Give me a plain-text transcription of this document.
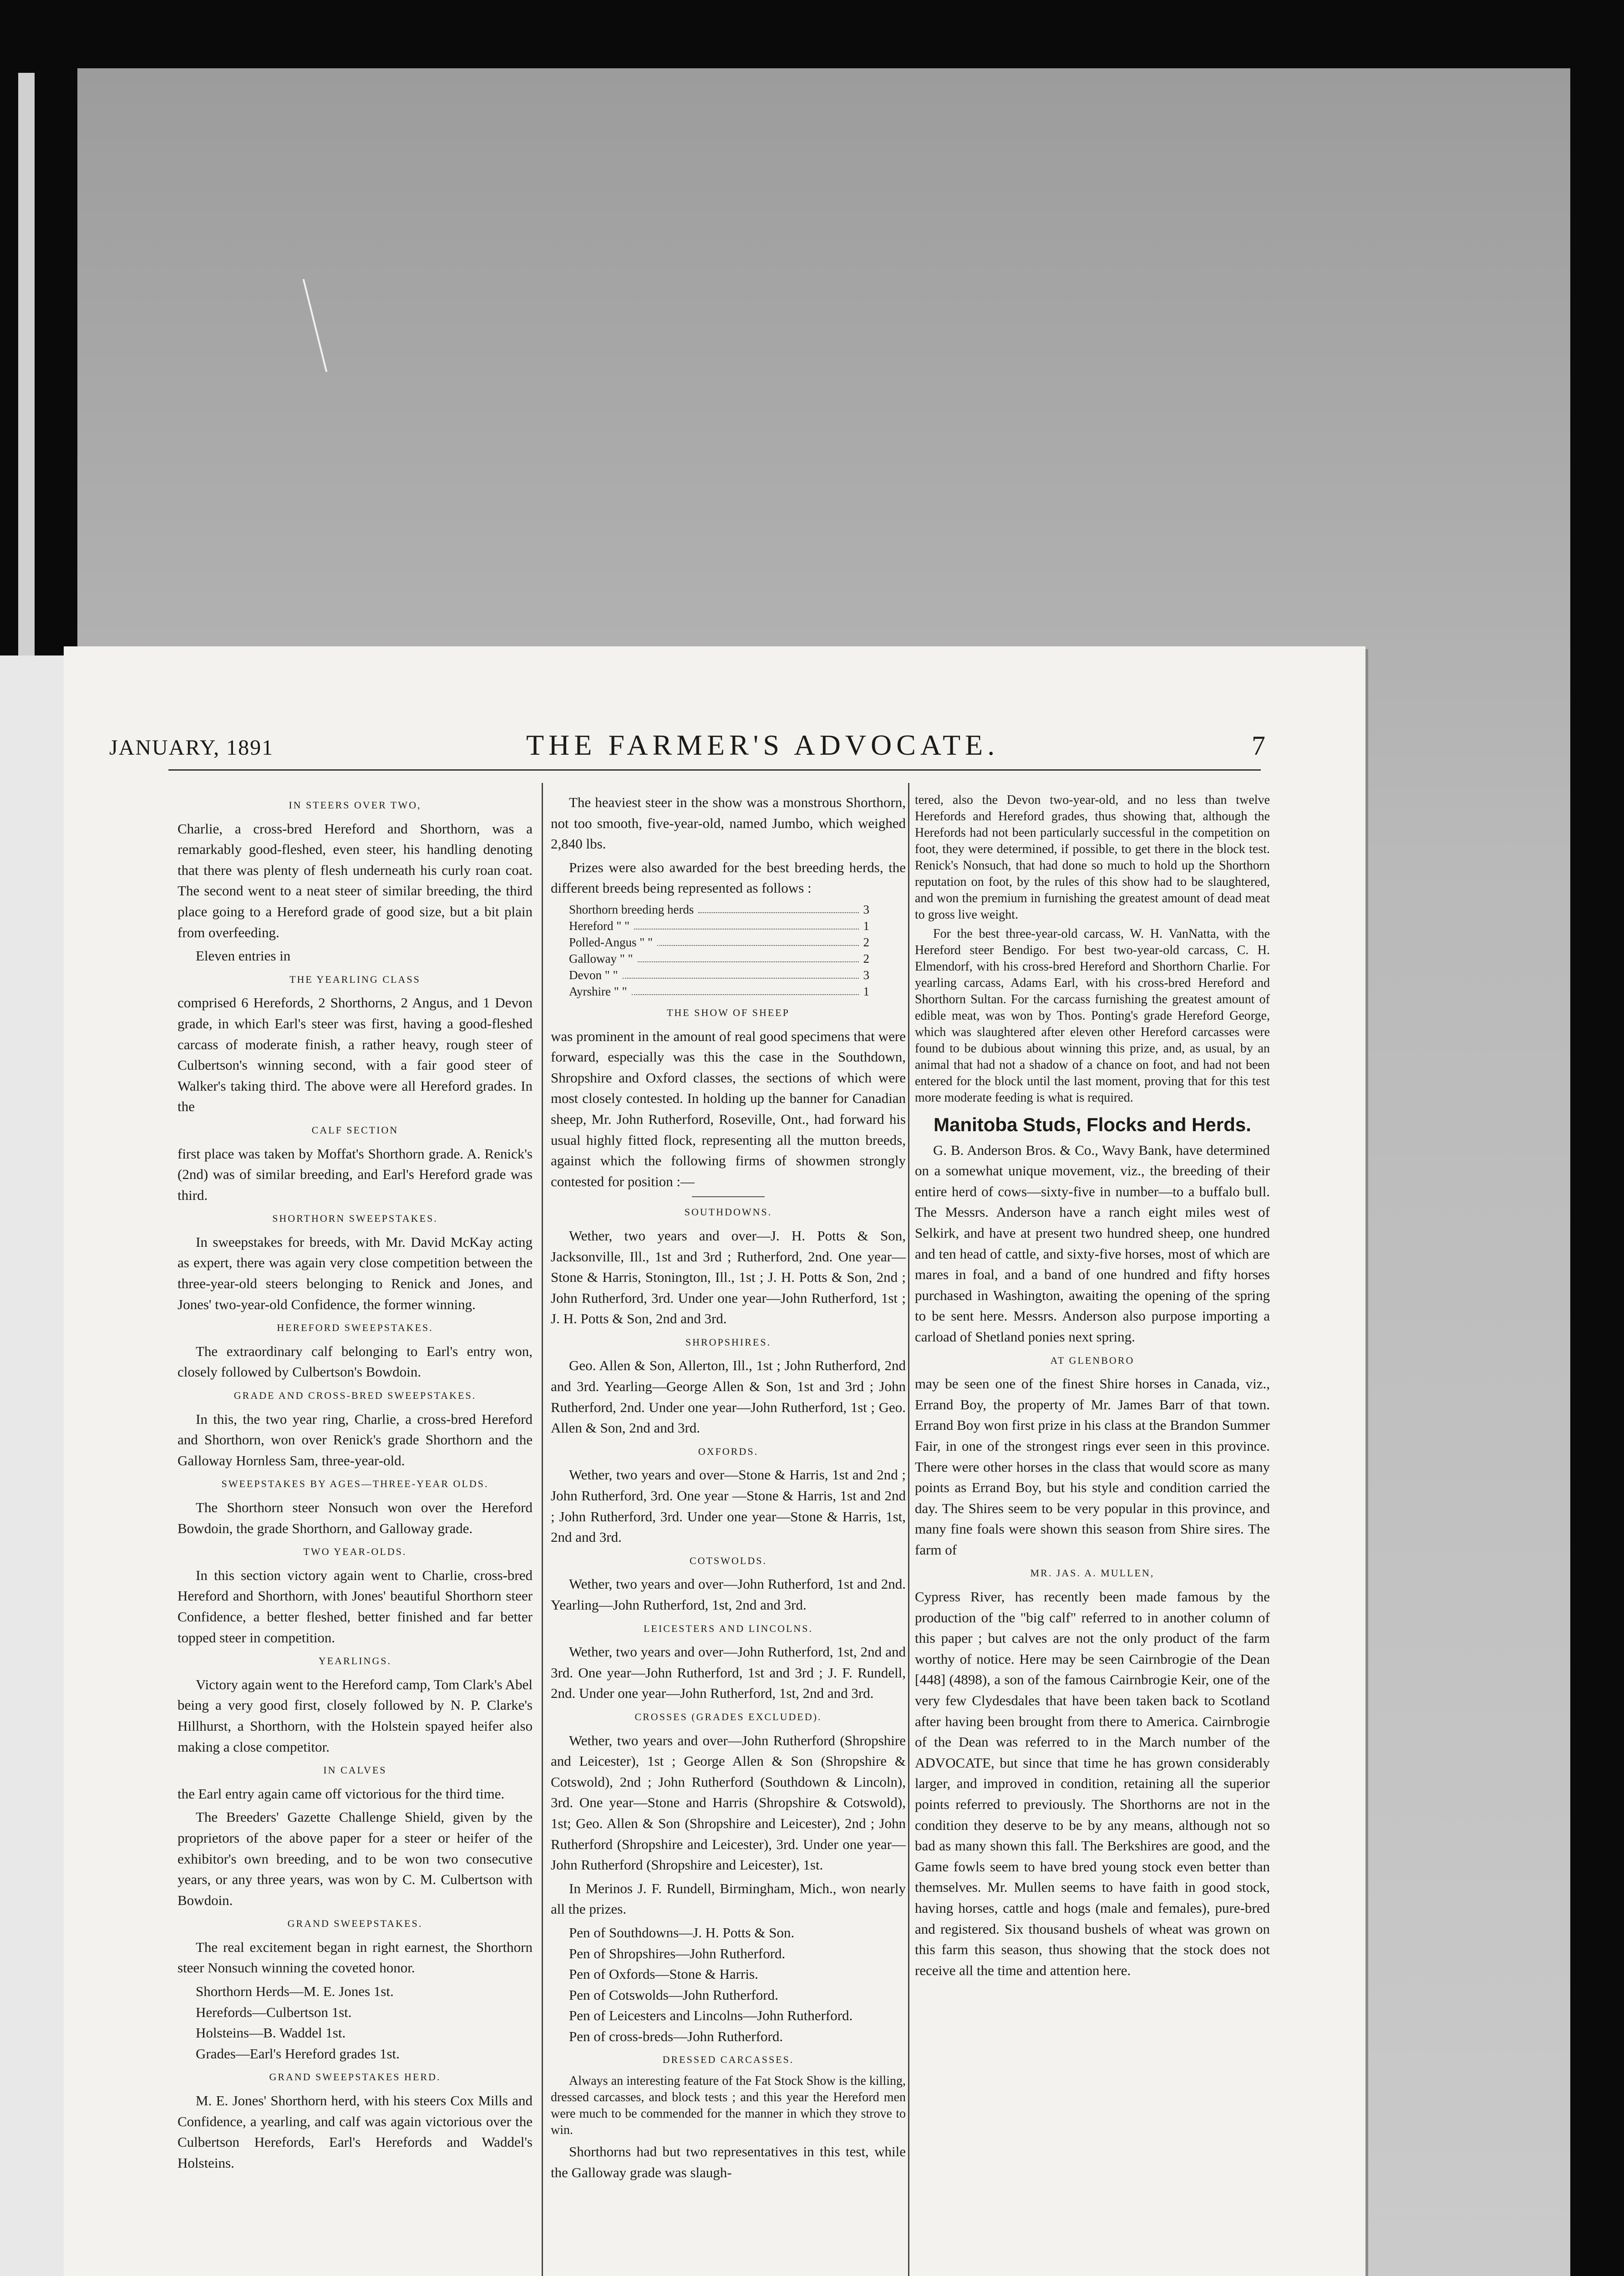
JANUARY, 1891	THE FARMER'S ADVOCATE.	7
IN STEERS OVER TWO,

Charlie, a cross-bred Hereford and Shorthorn, was a remarkably good-fleshed, even steer, his handling denoting that there was plenty of flesh underneath his curly roan coat. The second went to a neat steer of similar breeding, the third place going to a Hereford grade of good size, but a bit plain from overfeeding.

Eleven entries in

THE YEARLING CLASS

comprised 6 Herefords, 2 Shorthorns, 2 Angus, and 1 Devon grade, in which Earl's steer was first, having a good-fleshed carcass of moderate finish, a rather heavy, rough steer of Culbertson's winning second, with a fair good steer of Walker's taking third. The above were all Hereford grades. In the

CALF SECTION

first place was taken by Moffat's Shorthorn grade. A. Renick's (2nd) was of similar breeding, and Earl's Hereford grade was third.

SHORTHORN SWEEPSTAKES.

In sweepstakes for breeds, with Mr. David McKay acting as expert, there was again very close competition between the three-year-old steers belonging to Renick and Jones, and Jones' two-year-old Confidence, the former winning.

HEREFORD SWEEPSTAKES.

The extraordinary calf belonging to Earl's entry won, closely followed by Culbertson's Bowdoin.

GRADE AND CROSS-BRED SWEEPSTAKES.

In this, the two year ring, Charlie, a cross-bred Hereford and Shorthorn, won over Renick's grade Shorthorn and the Galloway Hornless Sam, three-year-old.

SWEEPSTAKES BY AGES—THREE-YEAR OLDS.

The Shorthorn steer Nonsuch won over the Hereford Bowdoin, the grade Shorthorn, and Galloway grade.

TWO YEAR-OLDS.

In this section victory again went to Charlie, cross-bred Hereford and Shorthorn, with Jones' beautiful Shorthorn steer Confidence, a better fleshed, better finished and far better topped steer in competition.

YEARLINGS.

Victory again went to the Hereford camp, Tom Clark's Abel being a very good first, closely followed by N. P. Clarke's Hillhurst, a Shorthorn, with the Holstein spayed heifer also making a close competitor.

IN CALVES

the Earl entry again came off victorious for the third time.

The Breeders' Gazette Challenge Shield, given by the proprietors of the above paper for a steer or heifer of the exhibitor's own breeding, and to be won two consecutive years, or any three years, was won by C. M. Culbertson with Bowdoin.

GRAND SWEEPSTAKES.

The real excitement began in right earnest, the Shorthorn steer Nonsuch winning the coveted honor.

Shorthorn Herds—M. E. Jones 1st.
Herefords—Culbertson 1st.
Holsteins—B. Waddel 1st.
Grades—Earl's Hereford grades 1st.
GRAND SWEEPSTAKES HERD.

M. E. Jones' Shorthorn herd, with his steers Cox Mills and Confidence, a yearling, and calf was again victorious over the Culbertson Herefords, Earl's Herefords and Waddel's Holsteins.

The heaviest steer in the show was a monstrous Shorthorn, not too smooth, five-year-old, named Jumbo, which weighed 2,840 lbs.

Prizes were also awarded for the best breeding herds, the different breeds being represented as follows :

Shorthorn breeding herds	3
Hereford " "	1
Polled-Angus " "	2
Galloway " "	2
Devon " "	3
Ayrshire " "	1
THE SHOW OF SHEEP

was prominent in the amount of real good specimens that were forward, especially was this the case in the Southdown, Shropshire and Oxford classes, the sections of which were most closely contested. In holding up the banner for Canadian sheep, Mr. John Rutherford, Roseville, Ont., had forward his usual highly fitted flock, representing all the mutton breeds, against which the following firms of showmen strongly contested for position :—

SOUTHDOWNS.

Wether, two years and over—J. H. Potts & Son, Jacksonville, Ill., 1st and 3rd ; Rutherford, 2nd. One year—Stone & Harris, Stonington, Ill., 1st ; J. H. Potts & Son, 2nd ; John Rutherford, 3rd. Under one year—John Rutherford, 1st ; J. H. Potts & Son, 2nd and 3rd.

SHROPSHIRES.

Geo. Allen & Son, Allerton, Ill., 1st ; John Rutherford, 2nd and 3rd. Yearling—George Allen & Son, 1st and 3rd ; John Rutherford, 2nd. Under one year—John Rutherford, 1st ; Geo. Allen & Son, 2nd and 3rd.

OXFORDS.

Wether, two years and over—Stone & Harris, 1st and 2nd ; John Rutherford, 3rd. One year —Stone & Harris, 1st and 2nd ; John Rutherford, 3rd. Under one year—Stone & Harris, 1st, 2nd and 3rd.

COTSWOLDS.

Wether, two years and over—John Rutherford, 1st and 2nd. Yearling—John Rutherford, 1st, 2nd and 3rd.

LEICESTERS AND LINCOLNS.

Wether, two years and over—John Rutherford, 1st, 2nd and 3rd. One year—John Rutherford, 1st and 3rd ; J. F. Rundell, 2nd. Under one year—John Rutherford, 1st, 2nd and 3rd.

CROSSES (GRADES EXCLUDED).

Wether, two years and over—John Rutherford (Shropshire and Leicester), 1st ; George Allen & Son (Shropshire & Cotswold), 2nd ; John Rutherford (Southdown & Lincoln), 3rd. One year—Stone and Harris (Shropshire & Cotswold), 1st; Geo. Allen & Son (Shropshire and Leicester), 2nd ; John Rutherford (Shropshire and Leicester), 3rd. Under one year—John Rutherford (Shropshire and Leicester), 1st.

In Merinos J. F. Rundell, Birmingham, Mich., won nearly all the prizes.

Pen of Southdowns—J. H. Potts & Son.
Pen of Shropshires—John Rutherford.
Pen of Oxfords—Stone & Harris.
Pen of Cotswolds—John Rutherford.
Pen of Leicesters and Lincolns—John Rutherford.
Pen of cross-breds—John Rutherford.
DRESSED CARCASSES.

Always an interesting feature of the Fat Stock Show is the killing, dressed carcasses, and block tests ; and this year the Hereford men were much to be commended for the manner in which they strove to win.

Shorthorns had but two representatives in this test, while the Galloway grade was slaugh-

tered, also the Devon two-year-old, and no less than twelve Herefords and Hereford grades, thus showing that, although the Herefords had not been particularly successful in the competition on foot, they were determined, if possible, to get there in the block test. Renick's Nonsuch, that had done so much to hold up the Shorthorn reputation on foot, by the rules of this show had to be slaughtered, and won the premium in furnishing the greatest amount of dead meat to gross live weight.

For the best three-year-old carcass, W. H. VanNatta, with the Hereford steer Bendigo. For best two-year-old carcass, C. H. Elmendorf, with his cross-bred Hereford and Shorthorn Charlie. For yearling carcass, Adams Earl, with his cross-bred Hereford and Shorthorn Sultan. For the carcass furnishing the greatest amount of edible meat, was won by Thos. Ponting's grade Hereford George, which was slaughtered after eleven other Hereford carcasses were found to be dubious about winning this prize, and, as usual, by an animal that had not a shadow of a chance on foot, and had not been entered for the block until the last moment, proving that for this test more moderate feeding is what is required.

Manitoba Studs, Flocks and Herds.

G. B. Anderson Bros. & Co., Wavy Bank, have determined on a somewhat unique movement, viz., the breeding of their entire herd of cows—sixty-five in number—to a buffalo bull. The Messrs. Anderson have a ranch eight miles west of Selkirk, and have at present two hundred sheep, one hundred and ten head of cattle, and sixty-five horses, most of which are mares in foal, and a band of one hundred and fifty horses purchased in Washington, awaiting the opening of the spring to be sent here. Messrs. Anderson also purpose importing a carload of Shetland ponies next spring.

AT GLENBORO

may be seen one of the finest Shire horses in Canada, viz., Errand Boy, the property of Mr. James Barr of that town. Errand Boy won first prize in his class at the Brandon Summer Fair, in one of the strongest rings ever seen in this province. There were other horses in the class that would score as many points as Errand Boy, but his style and condition carried the day. The Shires seem to be very popular in this province, and many fine foals were shown this season from Shire sires. The farm of

MR. JAS. A. MULLEN,

Cypress River, has recently been made famous by the production of the "big calf" referred to in another column of this paper ; but calves are not the only product of the farm worthy of notice. Here may be seen Cairnbrogie of the Dean [448] (4898), a son of the famous Cairnbrogie Keir, one of the very few Clydesdales that have been taken back to Scotland after having been brought from there to America. Cairnbrogie of the Dean was referred to in the March number of the ADVOCATE, but since that time he has grown considerably larger, and improved in condition, retaining all the superior points referred to previously. The Shorthorns are not in the condition they deserve to be by any means, although not so bad as many shown this fall. The Berkshires are good, and the Game fowls seem to have bred young stock even better than themselves. Mr. Mullen seems to have faith in good stock, having horses, cattle and hogs (male and females), pure-bred and registered. Six thousand bushels of wheat was grown on this farm this season, thus showing that the stock does not receive all the time and attention here.
